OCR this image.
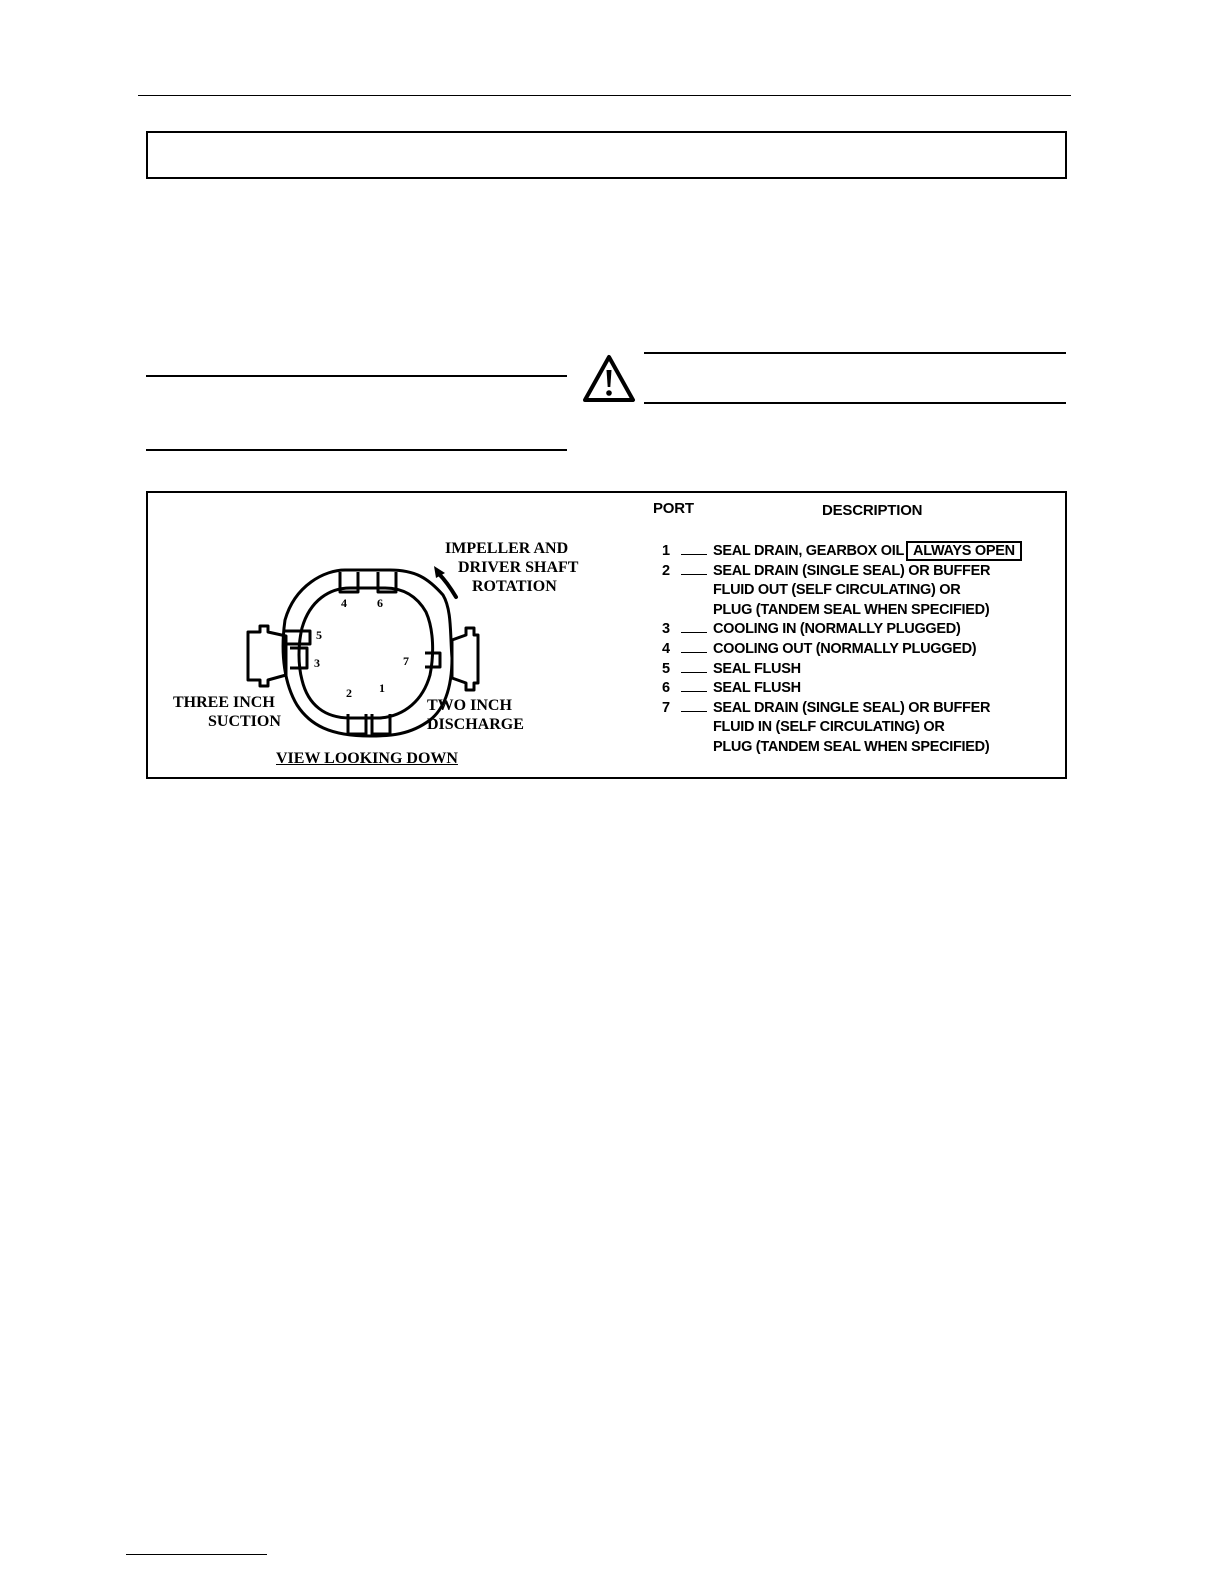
4	6
5
3	7
2 1
IMPELLER AND
DRIVER SHAFT
ROTATION
THREE INCH
SUCTION
TWO INCH
DISCHARGE
VIEW LOOKING DOWN
PORT	DESCRIPTION
1	SEAL DRAIN, GEARBOX OIL ALWAYS OPEN
2	SEAL DRAIN (SINGLE SEAL) OR BUFFER
FLUID OUT (SELF CIRCULATING) OR
PLUG (TANDEM SEAL WHEN SPECIFIED)
3	COOLING IN (NORMALLY PLUGGED)
4	COOLING OUT (NORMALLY PLUGGED)
5	SEAL FLUSH
6	SEAL FLUSH
7	SEAL DRAIN (SINGLE SEAL) OR BUFFER
FLUID IN (SELF CIRCULATING) OR
PLUG (TANDEM SEAL WHEN SPECIFIED)
